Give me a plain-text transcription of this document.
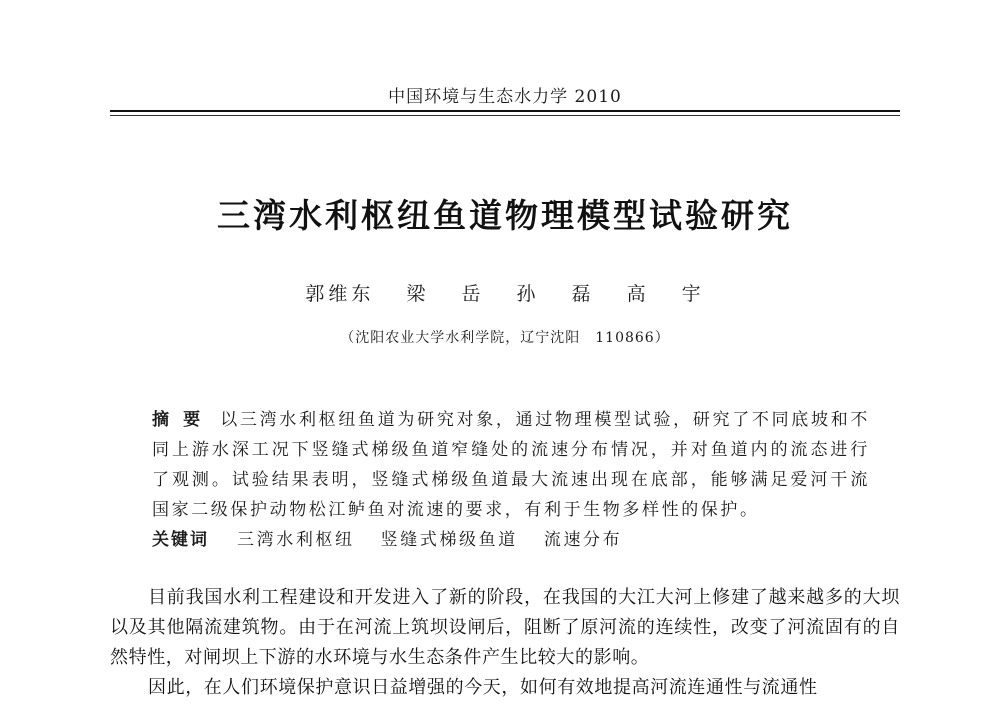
中国环境与生态水力学 2010
三湾水利枢纽鱼道物理模型试验研究
郭维东 梁 岳 孙 磊 高 宇
（沈阳农业大学水利学院，辽宁沈阳　110866）
摘要 以三湾水利枢纽鱼道为研究对象，通过物理模型试验，研究了不同底坡和不同上游水深工况下竖缝式梯级鱼道窄缝处的流速分布情况，并对鱼道内的流态进行了观测。试验结果表明，竖缝式梯级鱼道最大流速出现在底部，能够满足爱河干流国家二级保护动物松江鲈鱼对流速的要求，有利于生物多样性的保护。
关键词 三湾水利枢纽 竖缝式梯级鱼道 流速分布

目前我国水利工程建设和开发进入了新的阶段，在我国的大江大河上修建了越来越多的大坝以及其他隔流建筑物。由于在河流上筑坝设闸后，阻断了原河流的连续性，改变了河流固有的自然特性，对闸坝上下游的水环境与水生态条件产生比较大的影响。

因此，在人们环境保护意识日益增强的今天，如何有效地提高河流连通性与流通性
